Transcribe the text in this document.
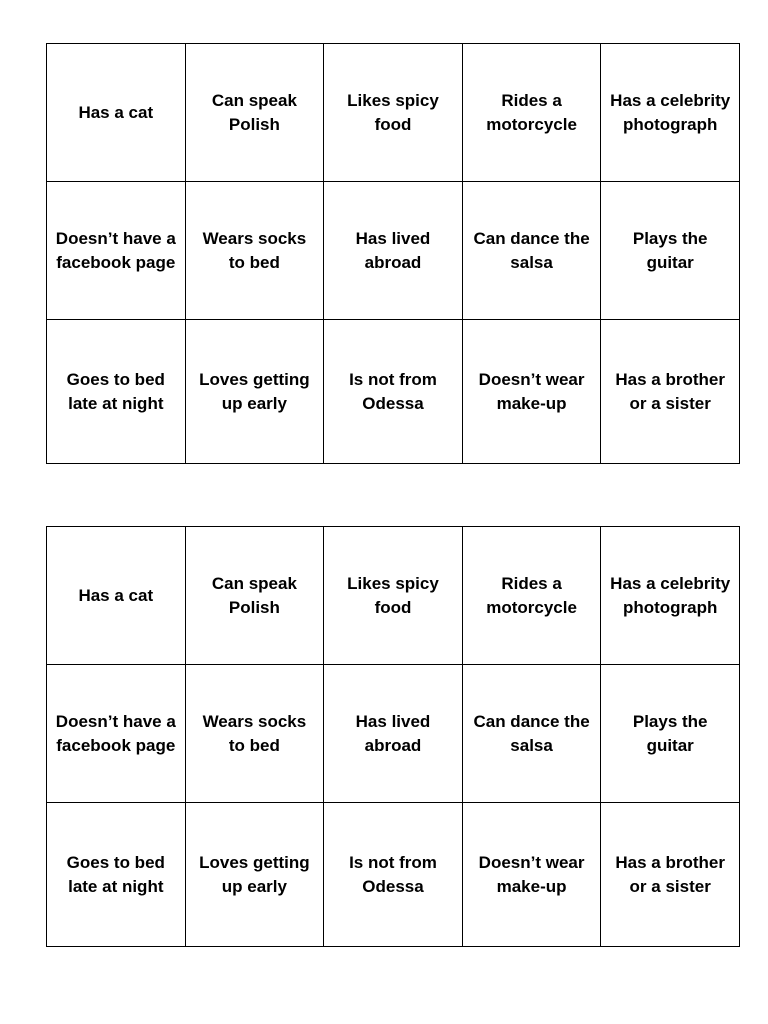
Has a cat	Can speak Polish	Likes spicy food	Rides a motorcycle	Has a celebrity photograph
Doesn’t have a facebook page	Wears socks to bed	Has lived abroad	Can dance the salsa	Plays the guitar
Goes to bed late at night	Loves getting up early	Is not from Odessa	Doesn’t wear make-up	Has a brother or a sister
Has a cat	Can speak Polish	Likes spicy food	Rides a motorcycle	Has a celebrity photograph
Doesn’t have a facebook page	Wears socks to bed	Has lived abroad	Can dance the salsa	Plays the guitar
Goes to bed late at night	Loves getting up early	Is not from Odessa	Doesn’t wear make-up	Has a brother or a sister
